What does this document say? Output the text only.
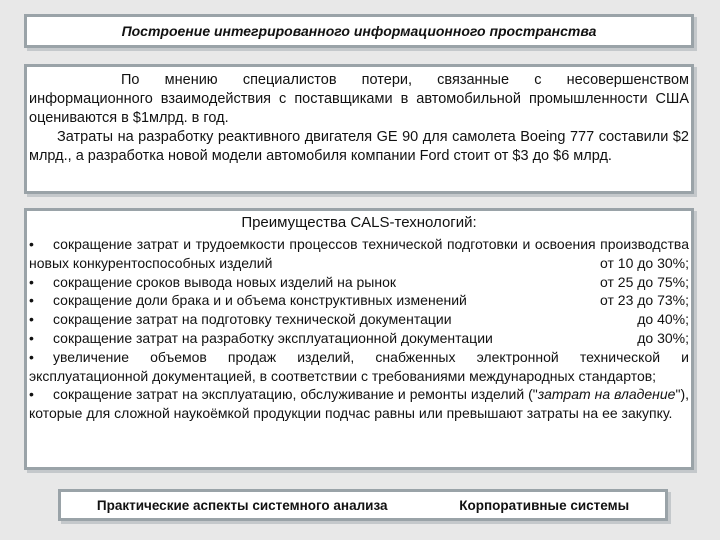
Построение интегрированного информационного пространства

По мнению специалистов потери, связанные с несовершенством информационного взаимодействия с поставщиками в автомобильной промышленности США оцениваются в $1млрд. в год.

Затраты на разработку реактивного двигателя GE 90 для самолета Boeing 777 составили $2 млрд., а разработка новой модели автомобиля компании Ford стоит от $3 до $6 млрд.

Преимущества CALS-технологий:

• сокращение затрат и трудоемкости процессов технической подготовки и освоения производства новых конкурентоспособных изделий	от 10 до 30%;

• сокращение сроков вывода новых изделий на рынок	от 25 до 75%;

• сокращение доли брака и и объема конструктивных изменений	от 23 до 73%;

• сокращение затрат на подготовку технической документации	до 40%;

• сокращение затрат на разработку эксплуатационной документации	до 30%;

• увеличение объемов продаж изделий, снабженных электронной технической и эксплуатационной документацией, в соответствии с требованиями международных стандартов;

• сокращение затрат на эксплуатацию, обслуживание и ремонты изделий ("затрат на владение"), которые для сложной наукоёмкой продукции подчас равны или превышают затраты на ее закупку.

Практические аспекты системного анализа	Корпоративные системы
